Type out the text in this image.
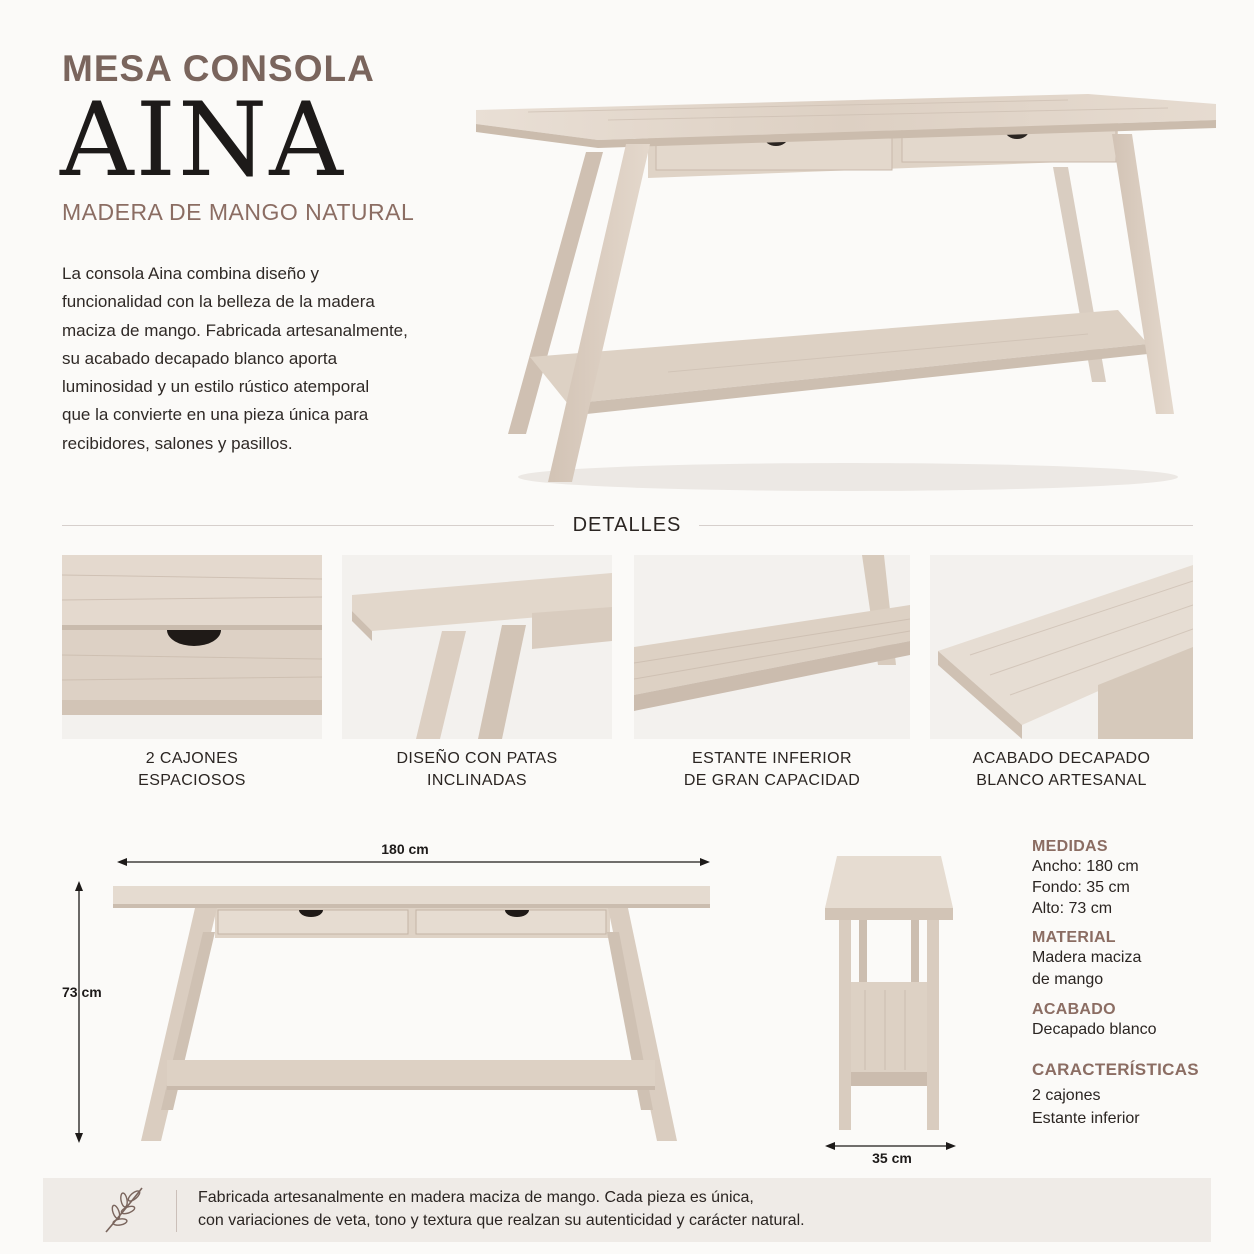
MESA CONSOLA
AINA
MADERA DE MANGO NATURAL
La consola Aina combina diseño y
funcionalidad con la belleza de la madera
maciza de mango. Fabricada artesanalmente,
su acabado decapado blanco aporta
luminosidad y un estilo rústico atemporal
que la convierte en una pieza única para
recibidores, salones y pasillos.
DETALLES
2 CAJONES
ESPACIOSOS
DISEÑO CON PATAS
INCLINADAS
ESTANTE INFERIOR
DE GRAN CAPACIDAD
ACABADO DECAPADO
BLANCO ARTESANAL
180 cm
73 cm
35 cm
MEDIDAS
Ancho: 180 cm
Fondo: 35 cm
Alto: 73 cm
MATERIAL
Madera maciza
de mango
ACABADO
Decapado blanco
CARACTERÍSTICAS
2 cajones
Estante inferior
Fabricada artesanalmente en madera maciza de mango. Cada pieza es única,
con variaciones de veta, tono y textura que realzan su autenticidad y carácter natural.
